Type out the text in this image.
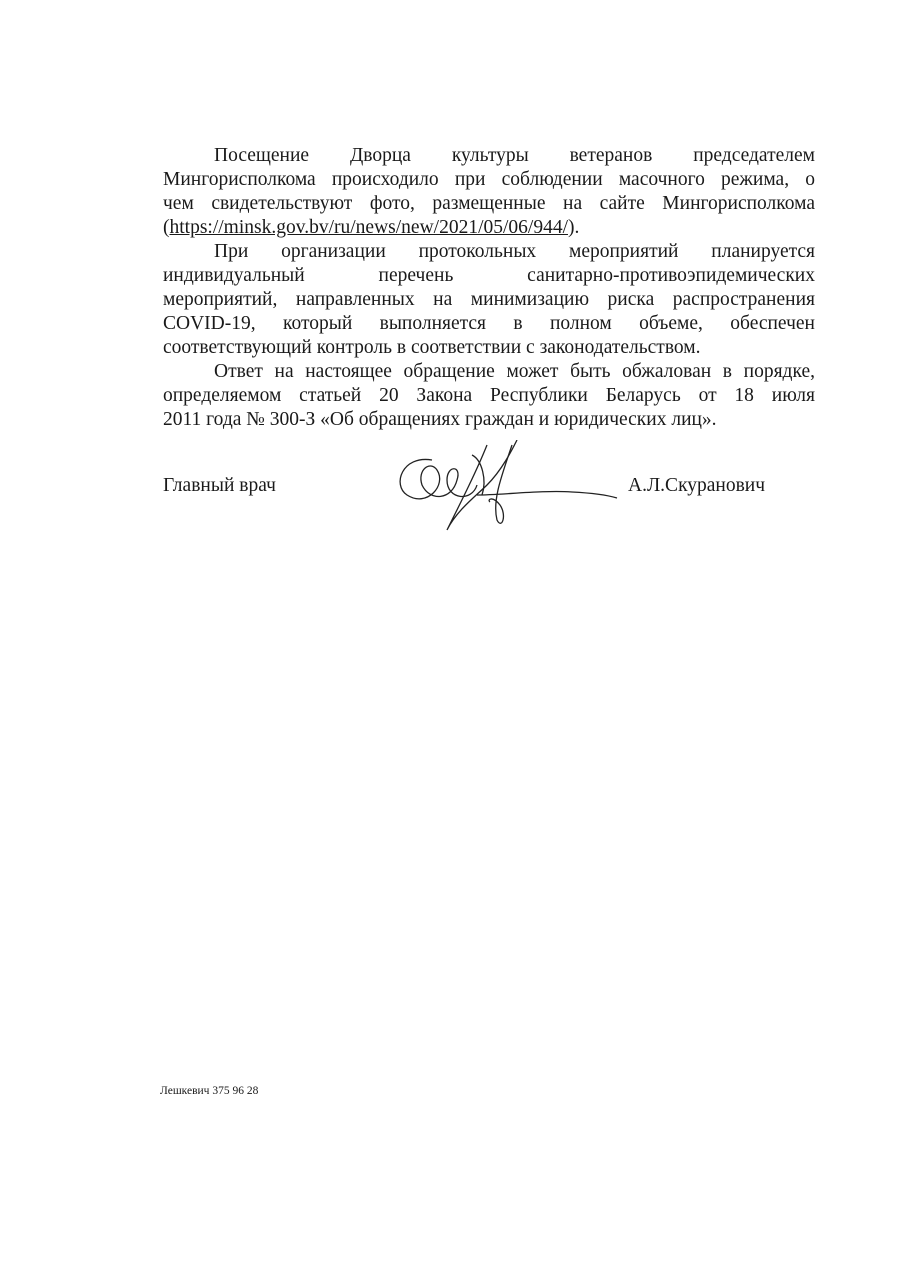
Посещение Дворца культуры ветеранов председателем
Мингорисполкома происходило при соблюдении масочного режима, о
чем свидетельствуют фото, размещенные на сайте Мингорисполкома
(https://minsk.gov.bv/ru/news/new/2021/05/06/944/).
При организации протокольных мероприятий планируется
индивидуальный перечень санитарно-противоэпидемических
мероприятий, направленных на минимизацию риска распространения
COVID-19, который выполняется в полном объеме, обеспечен
соответствующий контроль в соответствии с законодательством.
Ответ на настоящее обращение может быть обжалован в порядке,
определяемом статьей 20 Закона Республики Беларусь от 18 июля
2011 года № 300-З «Об обращениях граждан и юридических лиц».
Главный врач	А.Л.Скуранович
Лешкевич 375 96 28
